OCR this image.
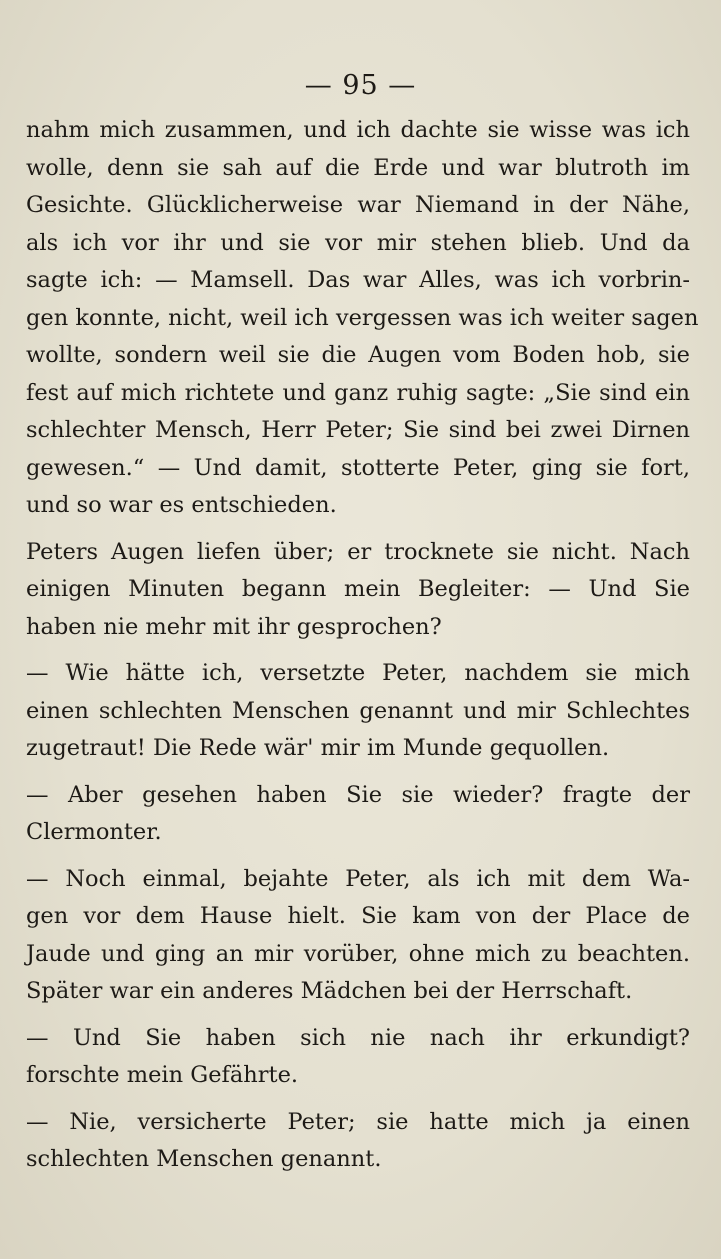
— 95 —
nahm mich zusammen, und ich dachte sie wisse was ich
wolle, denn sie sah auf die Erde und war blutroth im
Gesichte. Glücklicherweise war Niemand in der Nähe,
als ich vor ihr und sie vor mir stehen blieb. Und da
sagte ich: — Mamsell. Das war Alles, was ich vorbrin-
gen konnte, nicht, weil ich vergessen was ich weiter sagen
wollte, sondern weil sie die Augen vom Boden hob, sie
fest auf mich richtete und ganz ruhig sagte: „Sie sind ein
schlechter Mensch, Herr Peter; Sie sind bei zwei Dirnen
gewesen.“ — Und damit, stotterte Peter, ging sie fort,
und so war es entschieden.
Peters Augen liefen über; er trocknete sie nicht. Nach
einigen Minuten begann mein Begleiter: — Und Sie
haben nie mehr mit ihr gesprochen?
— Wie hätte ich, versetzte Peter, nachdem sie mich
einen schlechten Menschen genannt und mir Schlechtes
zugetraut! Die Rede wär' mir im Munde gequollen.
— Aber gesehen haben Sie sie wieder? fragte der
Clermonter.
— Noch einmal, bejahte Peter, als ich mit dem Wa-
gen vor dem Hause hielt. Sie kam von der Place de
Jaude und ging an mir vorüber, ohne mich zu beachten.
Später war ein anderes Mädchen bei der Herrschaft.
— Und Sie haben sich nie nach ihr erkundigt?
forschte mein Gefährte.
— Nie, versicherte Peter; sie hatte mich ja einen
schlechten Menschen genannt.
